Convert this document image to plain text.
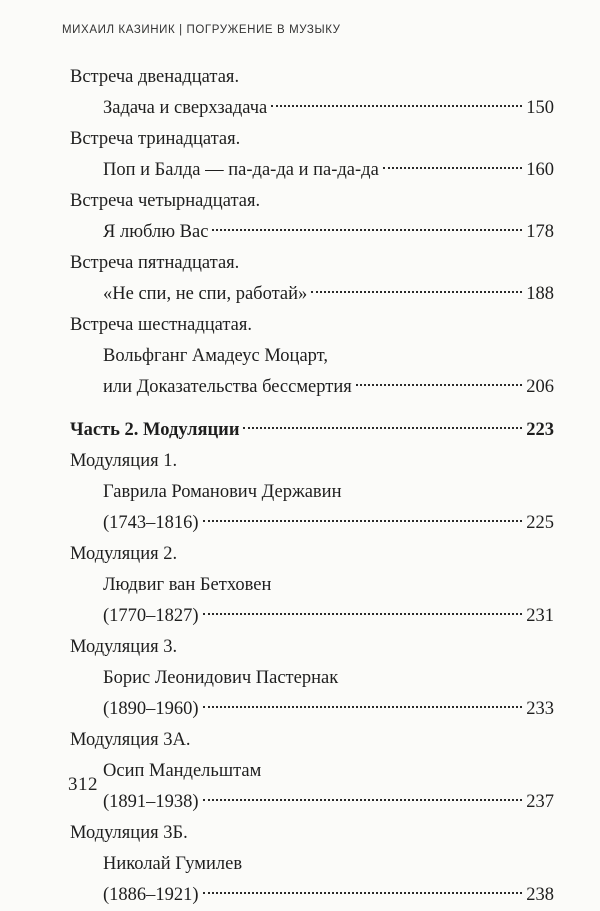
МИХАИЛ КАЗИНИК | ПОГРУЖЕНИЕ В МУЗЫКУ
Встреча двенадцатая.
Задача и сверхзадача	150
Встреча тринадцатая.
Поп и Балда — па-да-да и па-да-да	160
Встреча четырнадцатая.
Я люблю Вас	178
Встреча пятнадцатая.
«Не спи, не спи, работай»	188
Встреча шестнадцатая.
Вольфганг Амадеус Моцарт,
или Доказательства бессмертия	206
Часть 2. Модуляции	223
Модуляция 1.
Гаврила Романович Державин
(1743–1816)	225
Модуляция 2.
Людвиг ван Бетховен
(1770–1827)	231
Модуляция 3.
Борис Леонидович Пастернак
(1890–1960)	233
Модуляция 3А.
Осип Мандельштам
(1891–1938)	237
Модуляция 3Б.
Николай Гумилев
(1886–1921)	238
312
